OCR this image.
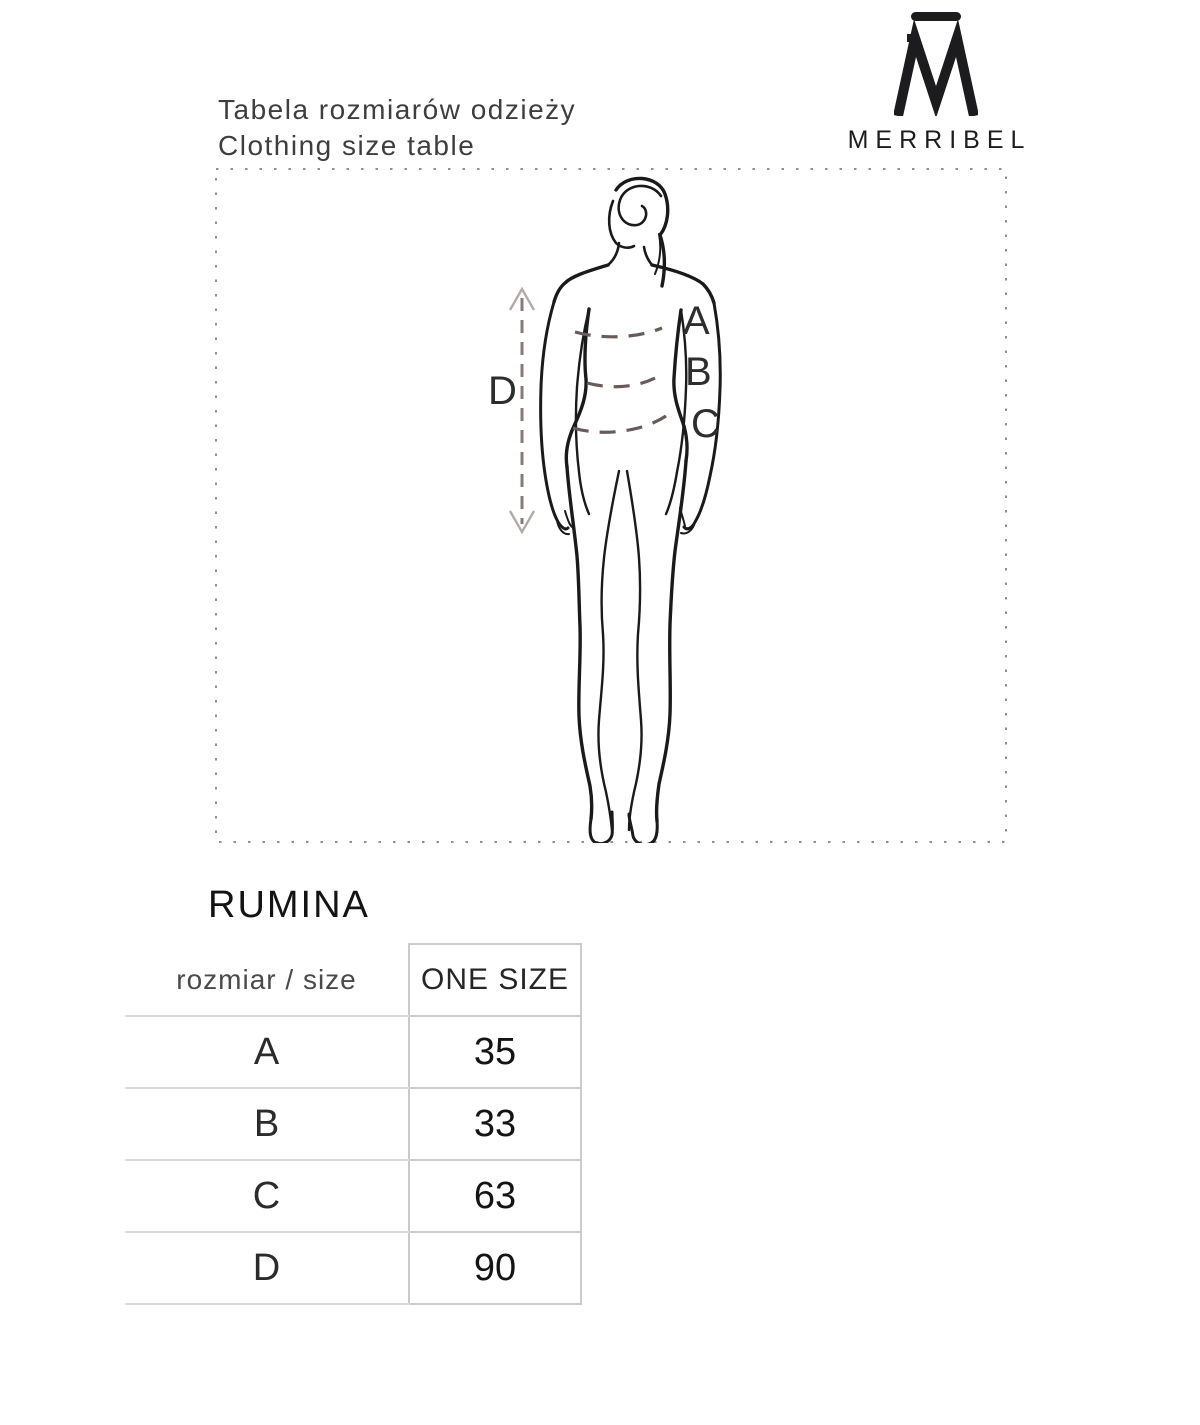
Tabela rozmiarów odzieży
Clothing size table	MERRIBEL
A
B
C
D
RUMINA
rozmiar / size	ONE SIZE
A	35
B	33
C	63
D	90
